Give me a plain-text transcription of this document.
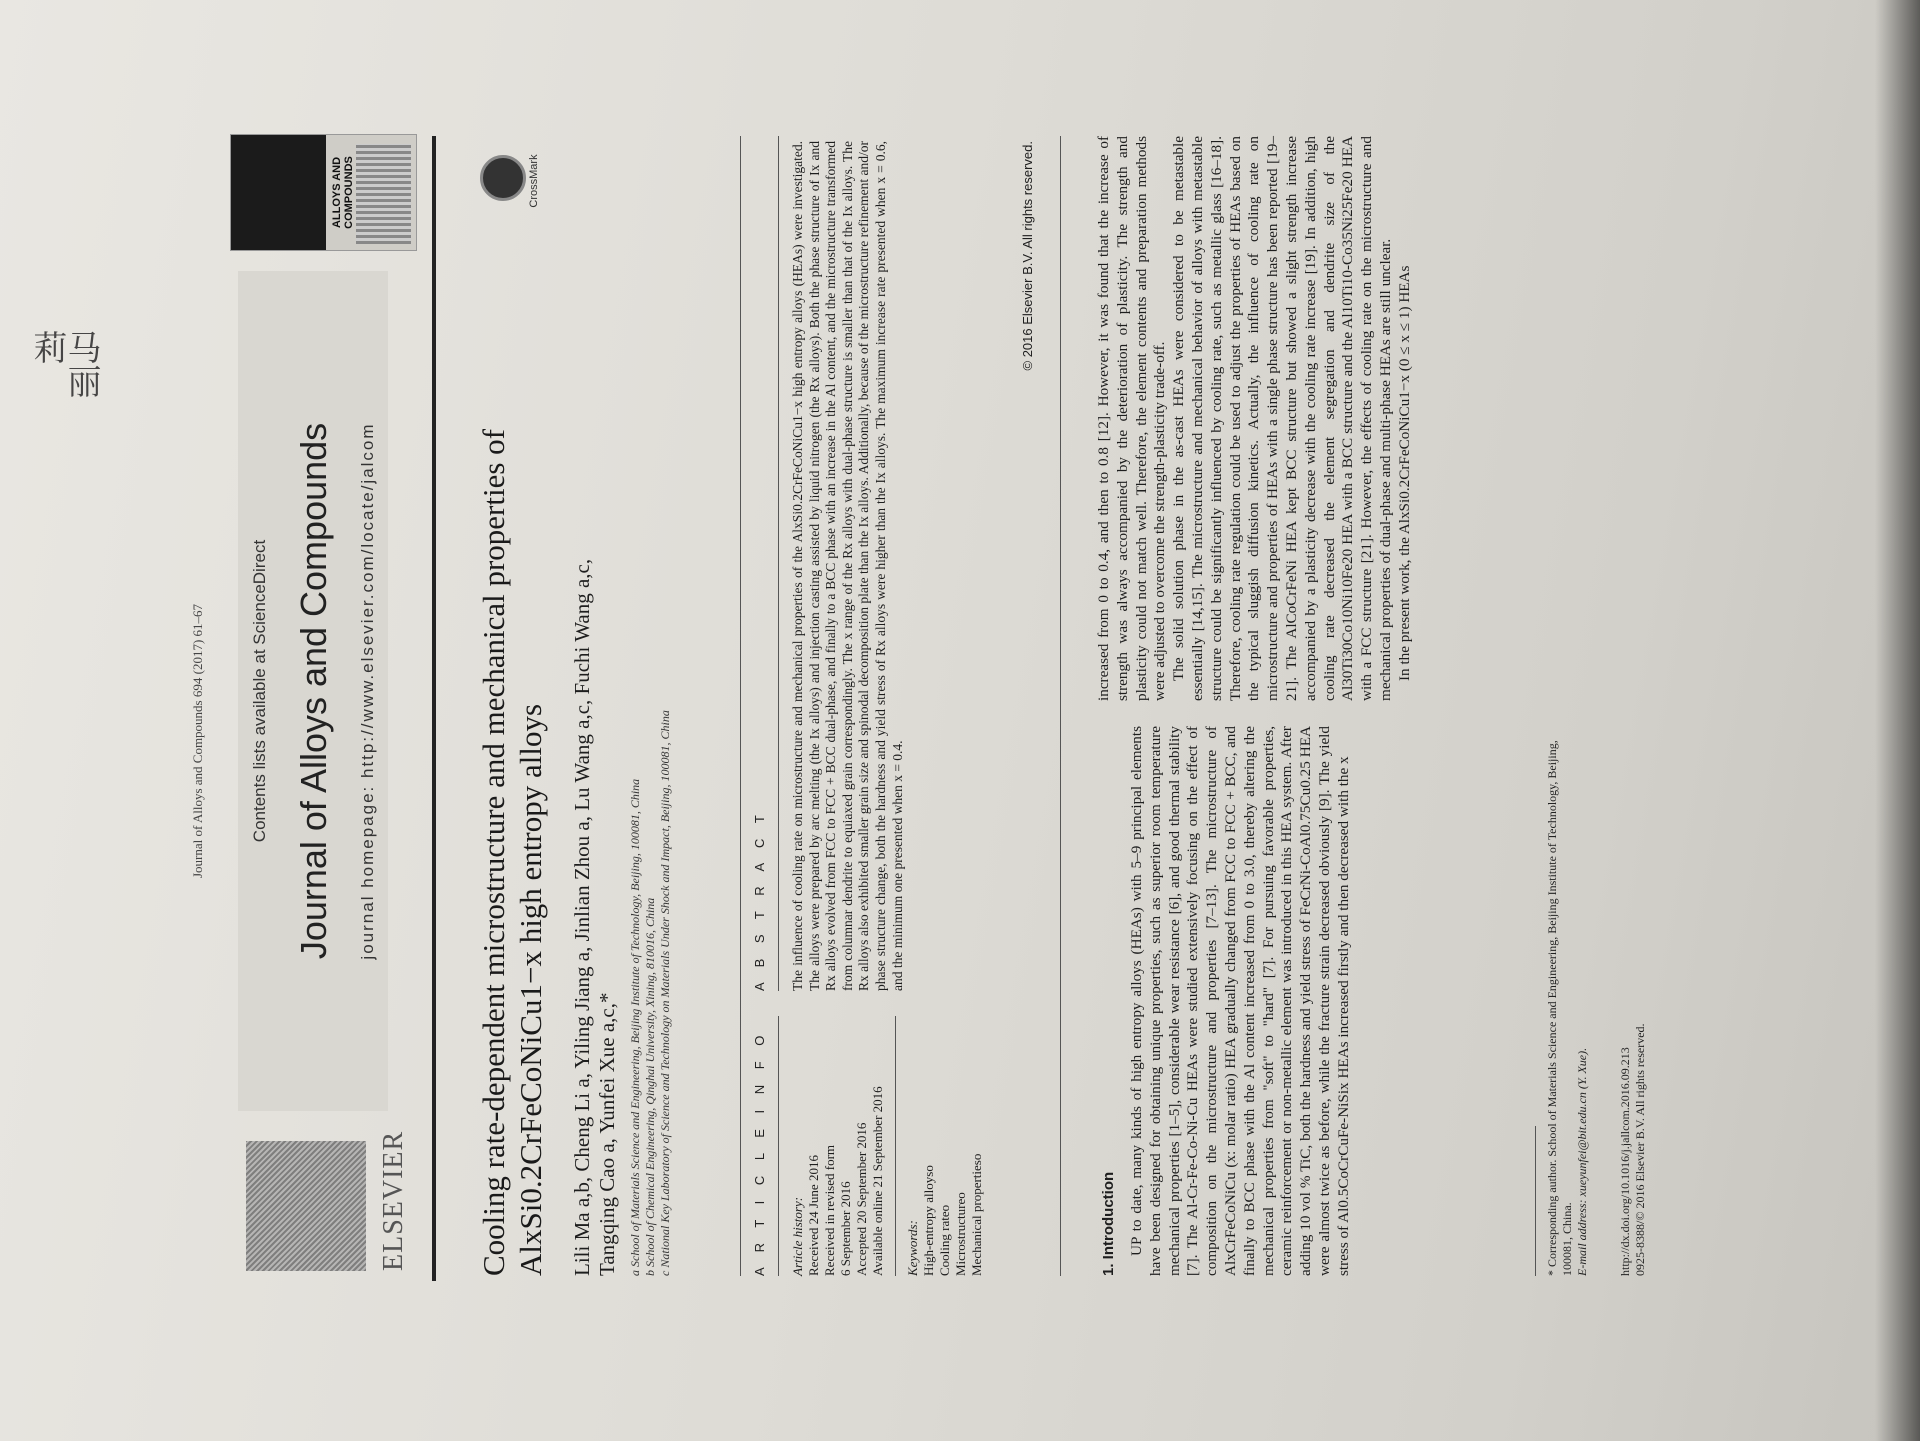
马丽莉
Journal of Alloys and Compounds 694 (2017) 61–67
ELSEVIER
Contents lists available at ScienceDirect Journal of Alloys and Compounds journal homepage: http://www.elsevier.com/locate/jalcom
ALLOYS AND COMPOUNDS
Cooling rate-dependent microstructure and mechanical properties of AlxSi0.2CrFeCoNiCu1−x high entropy alloys
CrossMark
Lili Ma a,b, Cheng Li a, Yiling Jiang a, Jinlian Zhou a, Lu Wang a,c, Fuchi Wang a,c, Tangqing Cao a, Yunfei Xue a,c,* a School of Materials Science and Engineering, Beijing Institute of Technology, Beijing, 100081, China b School of Chemical Engineering, Qinghai University, Xining, 810016, China c National Key Laboratory of Science and Technology on Materials Under Shock and Impact, Beijing, 100081, China	A R T I C L E I N F O
A B S T R A C T
Article history: Received 24 June 2016 Received in revised form 6 September 2016 Accepted 20 September 2016 Available online 21 September 2016 Keywords: High-entropy alloyso Cooling rateo Microstructureo Mechanical propertieso
The influence of cooling rate on microstructure and mechanical properties of the AlxSi0.2CrFeCoNiCu1−x high entropy alloys (HEAs) were investigated. The alloys were prepared by arc melting (the Ix alloys) and injection casting assisted by liquid nitrogen (the Rx alloys). Both the phase structure of Ix and Rx alloys evolved from FCC to FCC + BCC dual-phase, and finally to a BCC phase with an increase in the Al content, and the microstructure transformed from columnar dendrite to equiaxed grain correspondingly. The x range of the Rx alloys with dual-phase structure is smaller than that of the Ix alloys. The Rx alloys also exhibited smaller grain size and spinodal decomposition plate than the Ix alloys. Additionally, because of the microstructure refinement and/or phase structure change, both the hardness and yield stress of Rx alloys were higher than the Ix alloys. The maximum increase rate presented when x = 0.6, and the minimum one presented when x = 0.4.
© 2016 Elsevier B.V. All rights reserved.
1. Introduction UP to date, many kinds of high entropy alloys (HEAs) with 5–9 principal elements have been designed for obtaining unique properties, such as superior room temperature mechanical properties [1–5], considerable wear resistance [6], and good thermal stability [7]. The Al-Cr-Fe-Co-Ni-Cu HEAs were studied extensively focusing on the effect of composition on the microstructure and properties [7–13]. The microstructure of AlxCrFeCoNiCu (x: molar ratio) HEA gradually changed from FCC to FCC + BCC, and finally to BCC phase with the Al content increased from 0 to 3.0, thereby altering the mechanical properties from "soft" to "hard" [7]. For pursuing favorable properties, ceramic reinforcement or non-metallic element was introduced in this HEA system. After adding 10 vol % TiC, both the hardness and yield stress of FeCrNi-CoAl0.75Cu0.25 HEA were almost twice as before, while the fracture strain decreased obviously [9]. The yield stress of Al0.5CoCrCuFe-NiSix HEAs increased firstly and then decreased with the x

increased from 0 to 0.4, and then to 0.8 [12]. However, it was found that the increase of strength was always accompanied by the deterioration of plasticity. The strength and plasticity could not match well. Therefore, the element contents and preparation methods were adjusted to overcome the strength-plasticity trade-off. The solid solution phase in the as-cast HEAs were considered to be metastable essentially [14,15]. The microstructure and mechanical behavior of alloys with metastable structure could be significantly influenced by cooling rate, such as metallic glass [16–18]. Therefore, cooling rate regulation could be used to adjust the properties of HEAs based on the typical sluggish diffusion kinetics. Actually, the influence of cooling rate on microstructure and properties of HEAs with a single phase structure has been reported [19–21]. The AlCoCrFeNi HEA kept BCC structure but showed a slight strength increase accompanied by a plasticity decrease with the cooling rate increase [19]. In addition, high cooling rate decreased the element segregation and dendrite size of the Al30Ti30Co10Ni10Fe20 HEA with a BCC structure and the Al10Ti10-Co35Ni25Fe20 HEA with a FCC structure [21]. However, the effects of cooling rate on the microstructure and mechanical properties of dual-phase and multi-phase HEAs are still unclear. In the present work, the AlxSi0.2CrFeCoNiCu1−x (0 ≤ x ≤ 1) HEAs

* Corresponding author. School of Materials Science and Engineering, Beijing Institute of Technology, Beijing, 100081, China. E-mail address: xueyunfei@bit.edu.cn (Y. Xue). http://dx.doi.org/10.1016/j.jallcom.2016.09.213 0925-8388/© 2016 Elsevier B.V. All rights reserved.
